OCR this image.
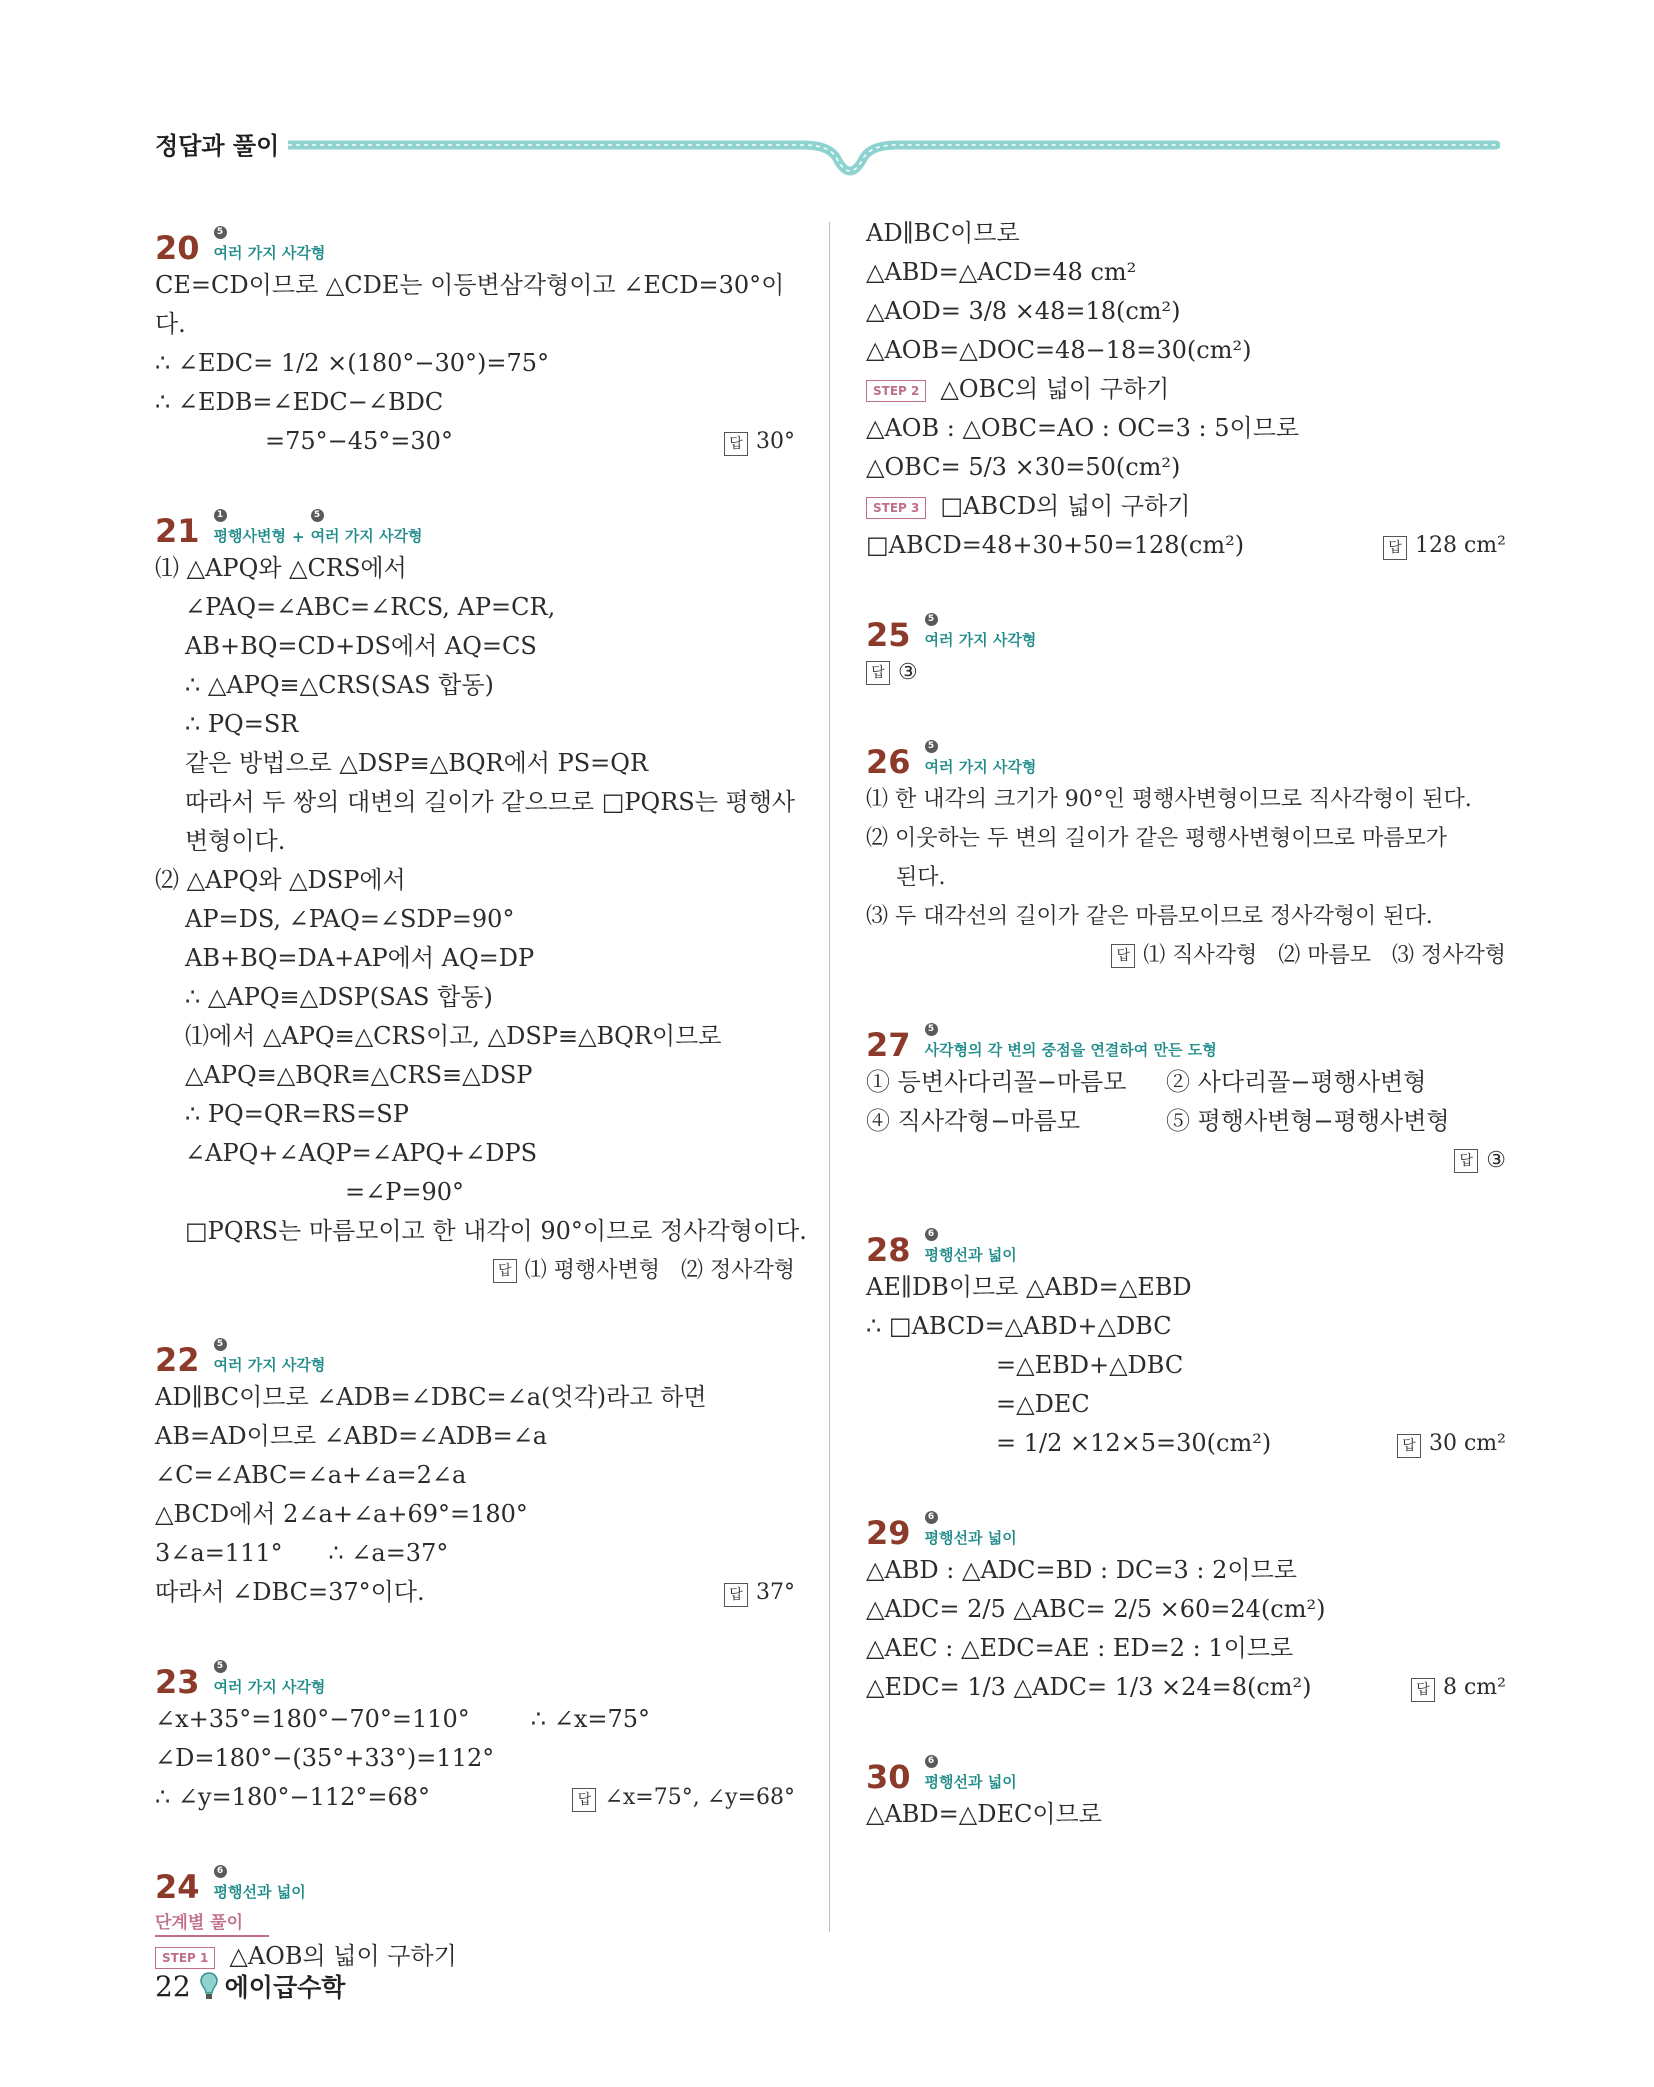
정답과 풀이
20	5
여러 가지 사각형
CE=CD이므로 △CDE는 이등변삼각형이고 ∠ECD=30°이
다.
∴ ∠EDC= 1/2 ×(180°−30°)=75°
∴ ∠EDB=∠EDC−∠BDC
=75°−45°=30°	답 30°
21	1
평행사변형 +
5
여러 가지 사각형
⑴ △APQ와 △CRS에서
∠PAQ=∠ABC=∠RCS, AP=CR,
AB+BQ=CD+DS에서 AQ=CS
∴ △APQ≡△CRS(SAS 합동)
∴ PQ=SR
같은 방법으로 △DSP≡△BQR에서 PS=QR
따라서 두 쌍의 대변의 길이가 같으므로 □PQRS는 평행사
변형이다.
⑵ △APQ와 △DSP에서
AP=DS, ∠PAQ=∠SDP=90°
AB+BQ=DA+AP에서 AQ=DP
∴ △APQ≡△DSP(SAS 합동)
⑴에서 △APQ≡△CRS이고, △DSP≡△BQR이므로
△APQ≡△BQR≡△CRS≡△DSP
∴ PQ=QR=RS=SP
∠APQ+∠AQP=∠APQ+∠DPS
=∠P=90°
□PQRS는 마름모이고 한 내각이 90°이므로 정사각형이다.
답 ⑴ 평행사변형   ⑵ 정사각형
22	5
여러 가지 사각형
AD∥BC이므로 ∠ADB=∠DBC=∠a(엇각)라고 하면
AB=AD이므로 ∠ABD=∠ADB=∠a
∠C=∠ABC=∠a+∠a=2∠a
△BCD에서 2∠a+∠a+69°=180°
3∠a=111°      ∴ ∠a=37°
따라서 ∠DBC=37°이다.	답 37°
23	5
여러 가지 사각형
∠x+35°=180°−70°=110°        ∴ ∠x=75°
∠D=180°−(35°+33°)=112°
∴ ∠y=180°−112°=68°	답 ∠x=75°, ∠y=68°
24	6
평행선과 넓이
단계별 풀이
STEP 1 △AOB의 넓이 구하기
AD∥BC이므로
△ABD=△ACD=48 cm²
△AOD= 3/8 ×48=18(cm²)
△AOB=△DOC=48−18=30(cm²)
STEP 2 △OBC의 넓이 구하기
△AOB : △OBC=AO : OC=3 : 5이므로
△OBC= 5/3 ×30=50(cm²)
STEP 3 □ABCD의 넓이 구하기
□ABCD=48+30+50=128(cm²)	답 128 cm²
25	5
여러 가지 사각형
답 ③
26	5
여러 가지 사각형
⑴ 한 내각의 크기가 90°인 평행사변형이므로 직사각형이 된다.
⑵ 이웃하는 두 변의 길이가 같은 평행사변형이므로 마름모가
된다.
⑶ 두 대각선의 길이가 같은 마름모이므로 정사각형이 된다.
답 ⑴ 직사각형   ⑵ 마름모   ⑶ 정사각형
27	5
사각형의 각 변의 중점을 연결하여 만든 도형
① 등변사다리꼴−마름모	② 사다리꼴−평행사변형
④ 직사각형−마름모	⑤ 평행사변형−평행사변형
답 ③
28	6
평행선과 넓이
AE∥DB이므로 △ABD=△EBD
∴ □ABCD=△ABD+△DBC
=△EBD+△DBC
=△DEC
= 1/2 ×12×5=30(cm²)	답 30 cm²
29	6
평행선과 넓이
△ABD : △ADC=BD : DC=3 : 2이므로
△ADC= 2/5 △ABC= 2/5 ×60=24(cm²)
△AEC : △EDC=AE : ED=2 : 1이므로
△EDC= 1/3 △ADC= 1/3 ×24=8(cm²)	답 8 cm²
30	6
평행선과 넓이
△ABD=△DEC이므로
22 에이급수학
